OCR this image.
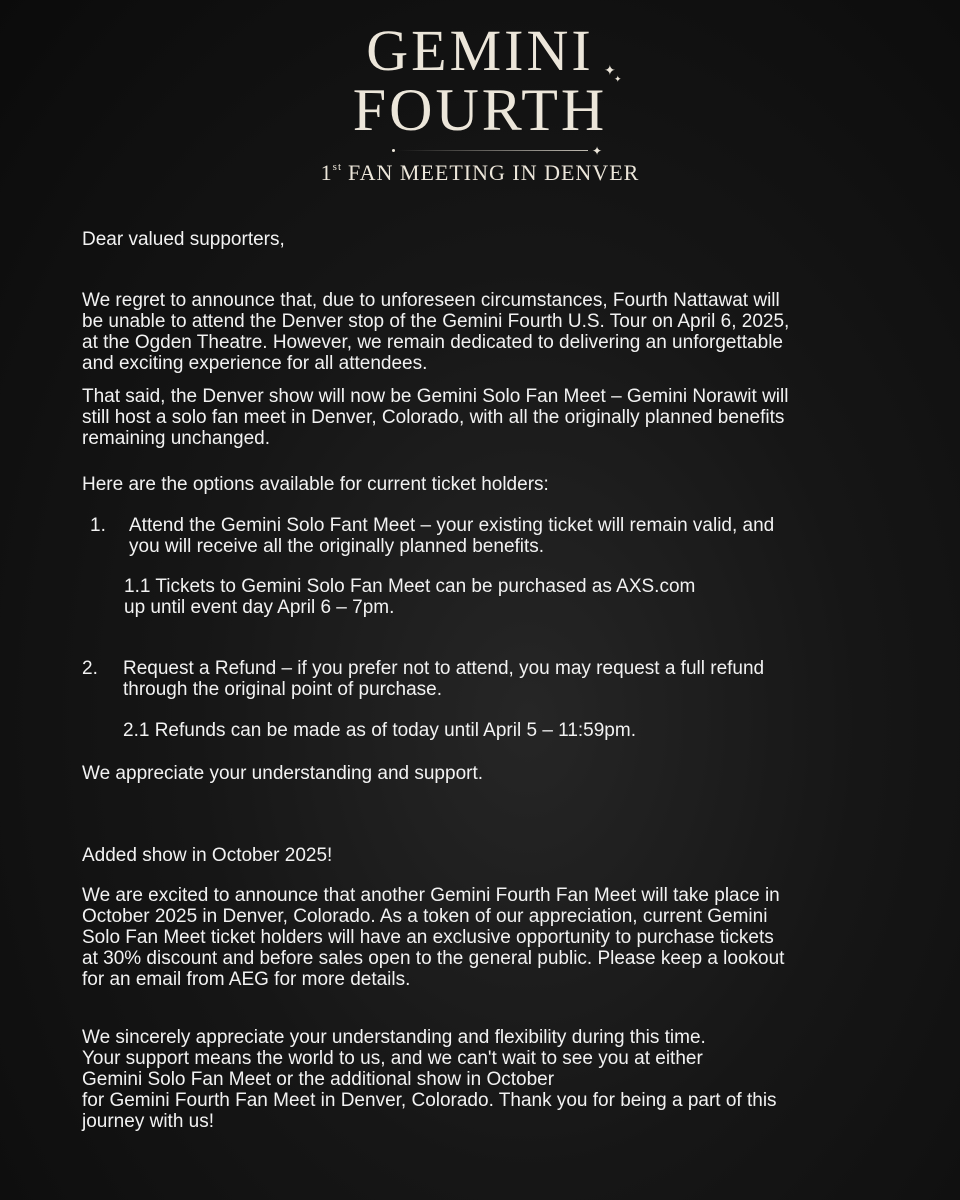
GEMINI
FOURTH
✦
✦
✦
1st FAN MEETING IN DENVER

Dear valued supporters,

We regret to announce that, due to unforeseen circumstances, Fourth Nattawat will
be unable to attend the Denver stop of the Gemini Fourth U.S. Tour on April 6, 2025,
at the Ogden Theatre. However, we remain dedicated to delivering an unforgettable
and exciting experience for all attendees.

That said, the Denver show will now be Gemini Solo Fan Meet – Gemini Norawit will
still host a solo fan meet in Denver, Colorado, with all the originally planned benefits
remaining unchanged.

Here are the options available for current ticket holders:

1. Attend the Gemini Solo Fant Meet – your existing ticket will remain valid, and
you will receive all the originally planned benefits.

1.1 Tickets to Gemini Solo Fan Meet can be purchased as AXS.com
up until event day April 6 – 7pm.

2. Request a Refund – if you prefer not to attend, you may request a full refund
through the original point of purchase.

2.1 Refunds can be made as of today until April 5 – 11:59pm.

We appreciate your understanding and support.

Added show in October 2025!

We are excited to announce that another Gemini Fourth Fan Meet will take place in
October 2025 in Denver, Colorado. As a token of our appreciation, current Gemini
Solo Fan Meet ticket holders will have an exclusive opportunity to purchase tickets
at 30% discount and before sales open to the general public. Please keep a lookout
for an email from AEG for more details.

We sincerely appreciate your understanding and flexibility during this time.
Your support means the world to us, and we can't wait to see you at either
Gemini Solo Fan Meet or the additional show in October
for Gemini Fourth Fan Meet in Denver, Colorado. Thank you for being a part of this
journey with us!
